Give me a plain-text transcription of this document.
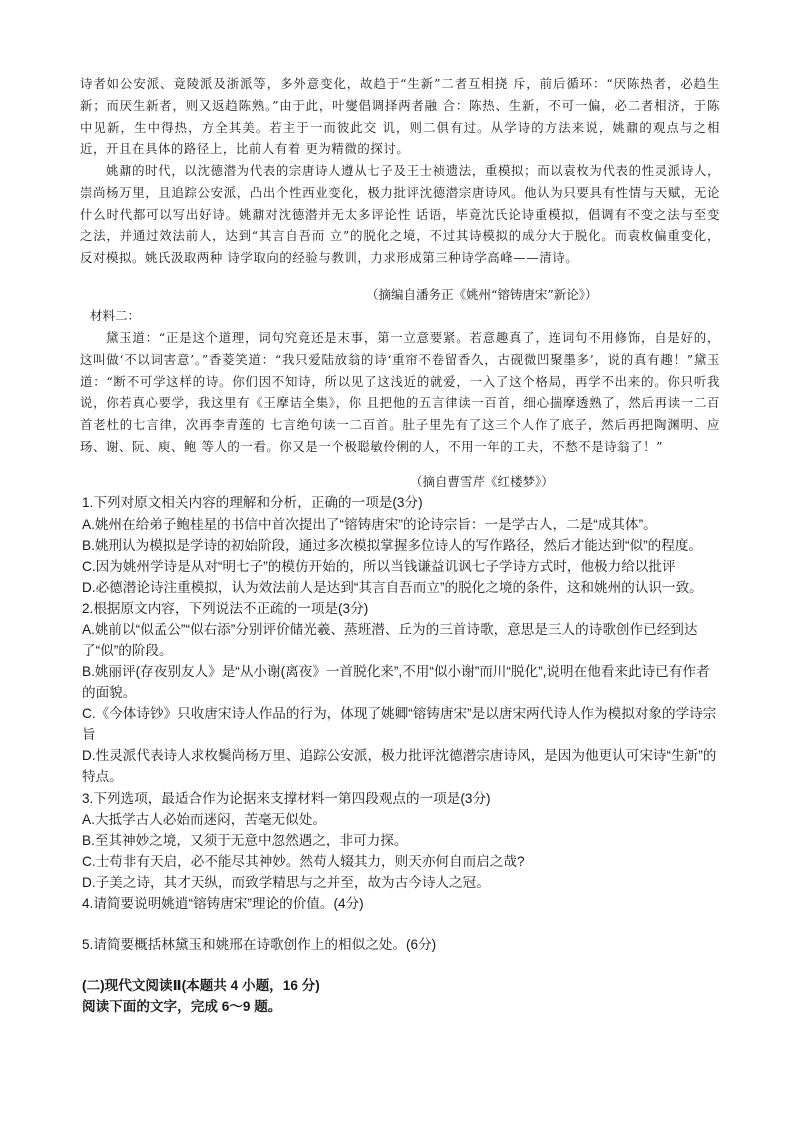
诗者如公安派、竟陵派及浙派等，多外意变化，故趋于“生新”二者互相挠 斥，前后循环：“厌陈热者，必趋生新；而厌生新者，则又返趋陈熟。”由于此，叶燮倡调择两者融 合：陈热、生新，不可一偏，必二者相济，于陈中见新，生中得热，方全其美。若主于一而彼此交 讥，则二俱有过。从学诗的方法来说，姚鼐的观点与之相近，开且在具体的路径上，比前人有着 更为精微的探讨。

姚鼐的时代，以沈德潜为代表的宗唐诗人遵从七子及王士祯遗法，重模拟；而以袁枚为代表的性灵派诗人，崇尚杨万里，且追踪公安派，凸出个性西业变化，极力批评沈德潜宗唐诗风。他认为只要具有性情与天赋，无论什么时代都可以写出好诗。姚鼐对沈德潜并无太多评论性 话语，毕竟沈氏论诗重模拟，倡调有不变之法与至变之法，并通过效法前人，达到“其言自吾而 立”的脱化之境，不过其诗模拟的成分大于脱化。而袁枚偏重变化，反对模拟。姚氏汲取两种 诗学取向的经验与教训，力求形成第三种诗学高峰——清诗。

（摘编自潘务正《姚州“镕铸唐宋”新论》）

材料二：

黛玉道：“正是这个道理，词句究竟还是末事，第一立意要紧。若意趣真了，连词句不用修饰，自是好的，这叫做‘不以词害意’。”香菱笑道：“我只爱陆放翁的诗‘重帘不卷留香久，古砚微凹聚墨多’，说的真有趣！”黛玉道：“断不可学这样的诗。你们因不知诗，所以见了这浅近的就爱，一入了这个格局，再学不出来的。你只听我说，你若真心要学，我这里有《王摩诘全集》，你 且把他的五言律读一百首，细心揣摩透熟了，然后再读一二百首老杜的七言律，次再李青莲的 七言绝句读一二百首。肚子里先有了这三个人作了底子，然后再把陶渊明、应玚、谢、阮、庾、鲍 等人的一看。你又是一个极聪敏伶俐的人，不用一年的工夫，不愁不是诗翁了！”

（摘自曹雪芹《红楼梦》）

1.下列对原文相关内容的理解和分析，正确的一项是(3分)

A.姚州在给弟子鲍桂星的书信中首次提出了“镕铸唐宋”的论诗宗旨：一是学古人，二是“成其体”。

B.姚刑认为模拟是学诗的初始阶段，通过多次模拟掌握多位诗人的写作路径，然后才能达到“似”的程度。

C.因为姚州学诗是从对“明七子”的模仿开始的，所以当钱谦益讥讽七子学诗方式时，他极力给以批评

D.必德潜论诗注重模拟，认为效法前人是达到“其言自吾而立”的脱化之境的条件，这和姚州的认识一致。

2.根据原文内容，下列说法不正疏的一项是(3分)

A.姚前以“似孟公”“似右添”分别评价储光羲、蒸班潜、丘为的三首诗歌，意思是三人的诗歌创作已经到达了“似”的阶段。

B.姚丽评(存夜别友人》是“从小谢(离夜》一首脱化来”,不用“似小谢”而川“脱化”,说明在他看来此诗已有作者的面貌。

C.《今体诗钞》只收唐宋诗人作品的行为，体现了姚卿“镕铸唐宋”是以唐宋两代诗人作为模拟对象的学诗宗旨

D.性灵派代表诗人求枚鬓尚杨万里、追踪公安派，极力批评沈德潜宗唐诗风，是因为他更认可宋诗“生新”的特点。

3.下列选项，最适合作为论据来支撑材料一第四段观点的一项是(3分)

A.大抵学古人必始而迷闷，苦毫无似处。

B.至其神妙之境，又须于无意中忽然遇之，非可力探。

C.士苟非有天启，必不能尽其神妙。然苟人辍其力，则天亦何自而启之哉?

D.子美之诗，其才天纵，而致学精思与之并至，故为古今诗人之冠。

4.请简要说明姚逍“镕铸唐宋”理论的价值。(4分)

5.请简要概括林黛玉和姚邢在诗歌创作上的相似之处。(6分)

(二)现代文阅读Ⅱ(本题共 4 小题，16 分)

阅读下面的文字，完成 6～9 题。
